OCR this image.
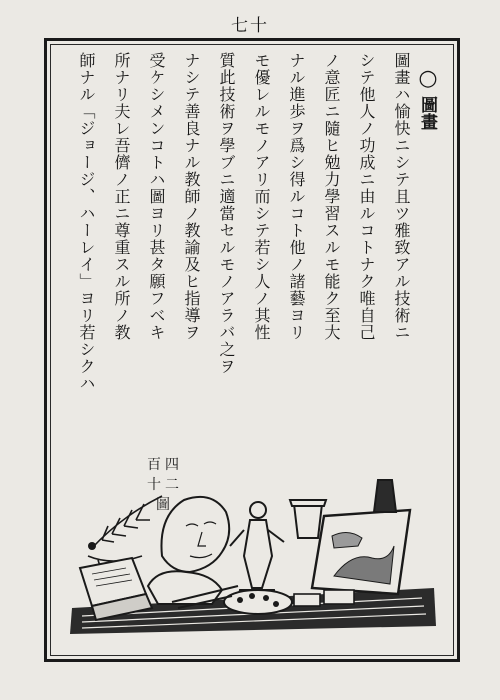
七十
○
圖畫
圖畫ハ愉快ニシテ且ツ雅致アル技術ニ
シテ他人ノ功成ニ由ルコトナク唯自己
ノ意匠ニ隨ヒ勉力學習スルモ能ク至大
ナル進歩ヲ爲シ得ルコト他ノ諸藝ヨリ
モ優レルモノアリ而シテ若シ人ノ其性
質此技術ヲ學ブニ適當セルモノアラバ之ヲ
ナシテ善良ナル教師ノ教諭及ヒ指導ヲ
受ケシメンコトハ圖ヨリ甚タ願フベキ
所ナリ夫レ吾儕ノ正ニ尊重スル所ノ教
師ナル「ジョージ、ハーレイ」ヨリ若シクハ
百四十二圖
